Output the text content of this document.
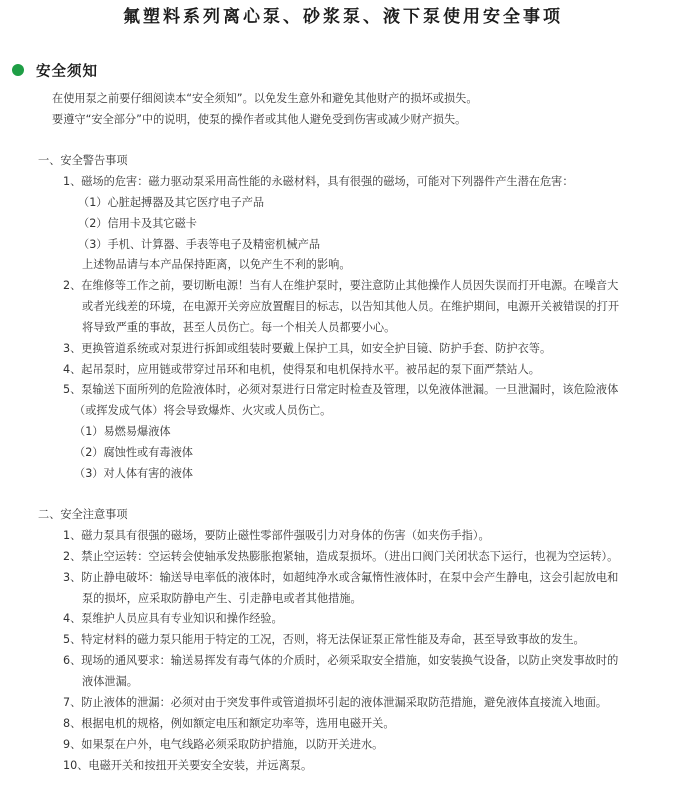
氟塑料系列离心泵、砂浆泵、液下泵使用安全事项
安全须知
在使用泵之前要仔细阅读本“安全须知”。以免发生意外和避免其他财产的损坏或损失。
要遵守“安全部分”中的说明，使泵的操作者或其他人避免受到伤害或减少财产损失。
一、安全警告事项
1、磁场的危害：磁力驱动泵采用高性能的永磁材料，具有很强的磁场，可能对下列器件产生潜在危害：
（1）心脏起搏器及其它医疗电子产品
（2）信用卡及其它磁卡
（3）手机、计算器、手表等电子及精密机械产品
上述物品请与本产品保持距离，以免产生不利的影响。
2、在维修等工作之前，要切断电源！当有人在维护泵时，要注意防止其他操作人员因失误而打开电源。在噪音大
或者光线差的环境，在电源开关旁应放置醒目的标志，以告知其他人员。在维护期间，电源开关被错误的打开
将导致严重的事故，甚至人员伤亡。每一个相关人员都要小心。
3、更换管道系统或对泵进行拆卸或组装时要戴上保护工具，如安全护目镜、防护手套、防护衣等。
4、起吊泵时，应用链或带穿过吊环和电机，使得泵和电机保持水平。被吊起的泵下面严禁站人。
5、泵输送下面所列的危险液体时，必须对泵进行日常定时检查及管理，以免液体泄漏。一旦泄漏时，该危险液体
（或挥发成气体）将会导致爆炸、火灾或人员伤亡。
（1）易燃易爆液体
（2）腐蚀性或有毒液体
（3）对人体有害的液体
二、安全注意事项
1、磁力泵具有很强的磁场，要防止磁性零部件强吸引力对身体的伤害（如夹伤手指）。
2、禁止空运转：空运转会使轴承发热膨胀抱紧轴，造成泵损坏。（进出口阀门关闭状态下运行，也视为空运转）。
3、防止静电破坏：输送导电率低的液体时，如超纯净水或含氟惰性液体时，在泵中会产生静电，这会引起放电和
泵的损坏，应采取防静电产生、引走静电或者其他措施。
4、泵维护人员应具有专业知识和操作经验。
5、特定材料的磁力泵只能用于特定的工况，否则，将无法保证泵正常性能及寿命，甚至导致事故的发生。
6、现场的通风要求：输送易挥发有毒气体的介质时，必须采取安全措施，如安装换气设备，以防止突发事故时的
液体泄漏。
7、防止液体的泄漏：必须对由于突发事件或管道损坏引起的液体泄漏采取防范措施，避免液体直接流入地面。
8、根据电机的规格，例如额定电压和额定功率等，选用电磁开关。
9、如果泵在户外，电气线路必须采取防护措施，以防开关进水。
10、电磁开关和按扭开关要安全安装，并远离泵。
